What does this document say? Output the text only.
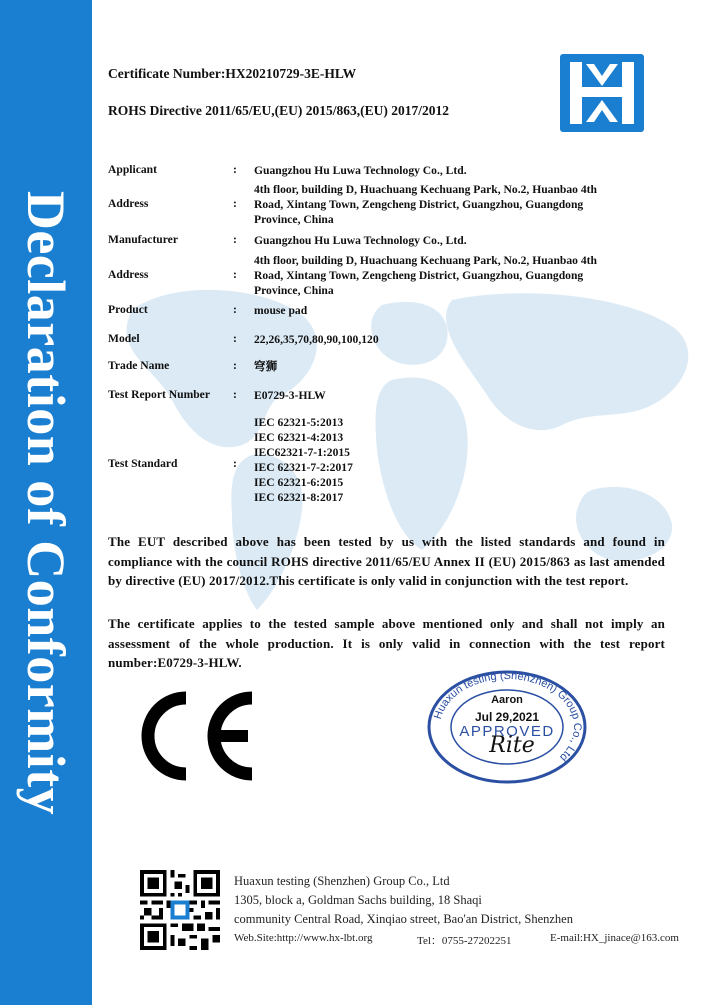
Declaration of Conformity
Certificate Number:HX20210729-3E-HLW
ROHS Directive 2011/65/EU,(EU) 2015/863,(EU) 2017/2012
Applicant	: Guangzhou Hu Luwa Technology Co., Ltd.
Address	:
4th floor, building D, Huachuang Kechuang Park, No.2, Huanbao 4th
Road, Xintang Town, Zengcheng District, Guangzhou, Guangdong
Province, China
Manufacturer	: Guangzhou Hu Luwa Technology Co., Ltd.
Address	:
4th floor, building D, Huachuang Kechuang Park, No.2, Huanbao 4th
Road, Xintang Town, Zengcheng District, Guangzhou, Guangdong
Province, China
Product	: mouse pad
Model	: 22,26,35,70,80,90,100,120
Trade Name	: 穹狮
Test Report Number : E0729-3-HLW
Test Standard	:
IEC 62321-5:2013
IEC 62321-4:2013
IEC62321-7-1:2015
IEC 62321-7-2:2017
IEC 62321-6:2015
IEC 62321-8:2017
The EUT described above has been tested by us with the listed standards and found in compliance with the council ROHS directive 2011/65/EU Annex II (EU) 2015/863 as last amended by directive (EU) 2017/2012.This certificate is only valid in conjunction with the test report.
The certificate applies to the tested sample above mentioned only and shall not imply an assessment of the whole production. It is only valid in connection with the test report number:E0729-3-HLW.
Huaxun testing (Shenzhen) Group Co., Ltd
Aaron
Jul 29,2021
APPROVED
Rite
Huaxun testing (Shenzhen) Group Co., Ltd
1305, block a, Goldman Sachs building, 18 Shaqi
community Central Road, Xinqiao street, Bao'an District, Shenzhen
Web.Site:http://www.hx-lbt.org	Tel：0755-27202251	E-mail:HX_jinace@163.com
